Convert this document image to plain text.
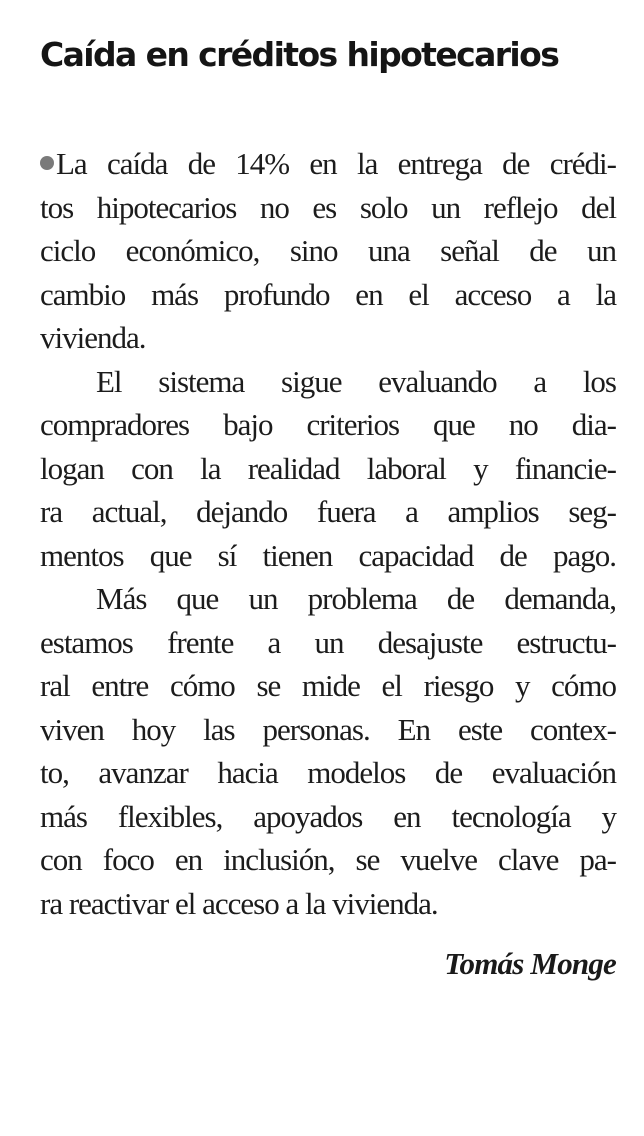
Caída en créditos hipotecarios
La caída de 14% en la entrega de crédi-
tos hipotecarios no es solo un reflejo del
ciclo económico, sino una señal de un
cambio más profundo en el acceso a la
vivienda.
El sistema sigue evaluando a los
compradores bajo criterios que no dia-
logan con la realidad laboral y financie-
ra actual, dejando fuera a amplios seg-
mentos que sí tienen capacidad de pago.
Más que un problema de demanda,
estamos frente a un desajuste estructu-
ral entre cómo se mide el riesgo y cómo
viven hoy las personas. En este contex-
to, avanzar hacia modelos de evaluación
más flexibles, apoyados en tecnología y
con foco en inclusión, se vuelve clave pa-
ra reactivar el acceso a la vivienda.

Tomás Monge
